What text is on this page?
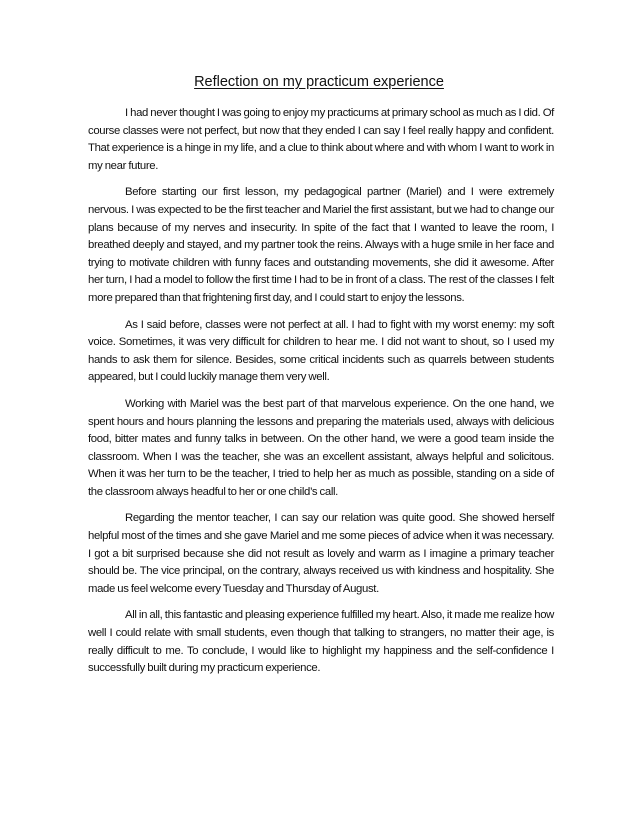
Reflection on my practicum experience

I had never thought I was going to enjoy my practicums at primary school as much as I did. Of course classes were not perfect, but now that they ended I can say I feel really happy and confident. That experience is a hinge in my life, and a clue to think about where and with whom I want to work in my near future.

Before starting our first lesson, my pedagogical partner (Mariel) and I were extremely nervous. I was expected to be the first teacher and Mariel the first assistant, but we had to change our plans because of my nerves and insecurity. In spite of the fact that I wanted to leave the room, I breathed deeply and stayed, and my partner took the reins. Always with a huge smile in her face and trying to motivate children with funny faces and outstanding movements, she did it awesome. After her turn, I had a model to follow the first time I had to be in front of a class. The rest of the classes I felt more prepared than that frightening first day, and I could start to enjoy the lessons.

As I said before, classes were not perfect at all. I had to fight with my worst enemy: my soft voice. Sometimes, it was very difficult for children to hear me. I did not want to shout, so I used my hands to ask them for silence. Besides, some critical incidents such as quarrels between students appeared, but I could luckily manage them very well.

Working with Mariel was the best part of that marvelous experience. On the one hand, we spent hours and hours planning the lessons and preparing the materials used, always with delicious food, bitter mates and funny talks in between. On the other hand, we were a good team inside the classroom. When I was the teacher, she was an excellent assistant, always helpful and solicitous. When it was her turn to be the teacher, I tried to help her as much as possible, standing on a side of the classroom always headful to her or one child’s call.

Regarding the mentor teacher, I can say our relation was quite good. She showed herself helpful most of the times and she gave Mariel and me some pieces of advice when it was necessary. I got a bit surprised because she did not result as lovely and warm as I imagine a primary teacher should be. The vice principal, on the contrary, always received us with kindness and hospitality. She made us feel welcome every Tuesday and Thursday of August.

All in all, this fantastic and pleasing experience fulfilled my heart. Also, it made me realize how well I could relate with small students, even though that talking to strangers, no matter their age, is really difficult to me. To conclude, I would like to highlight my happiness and the self-confidence I successfully built during my practicum experience.
